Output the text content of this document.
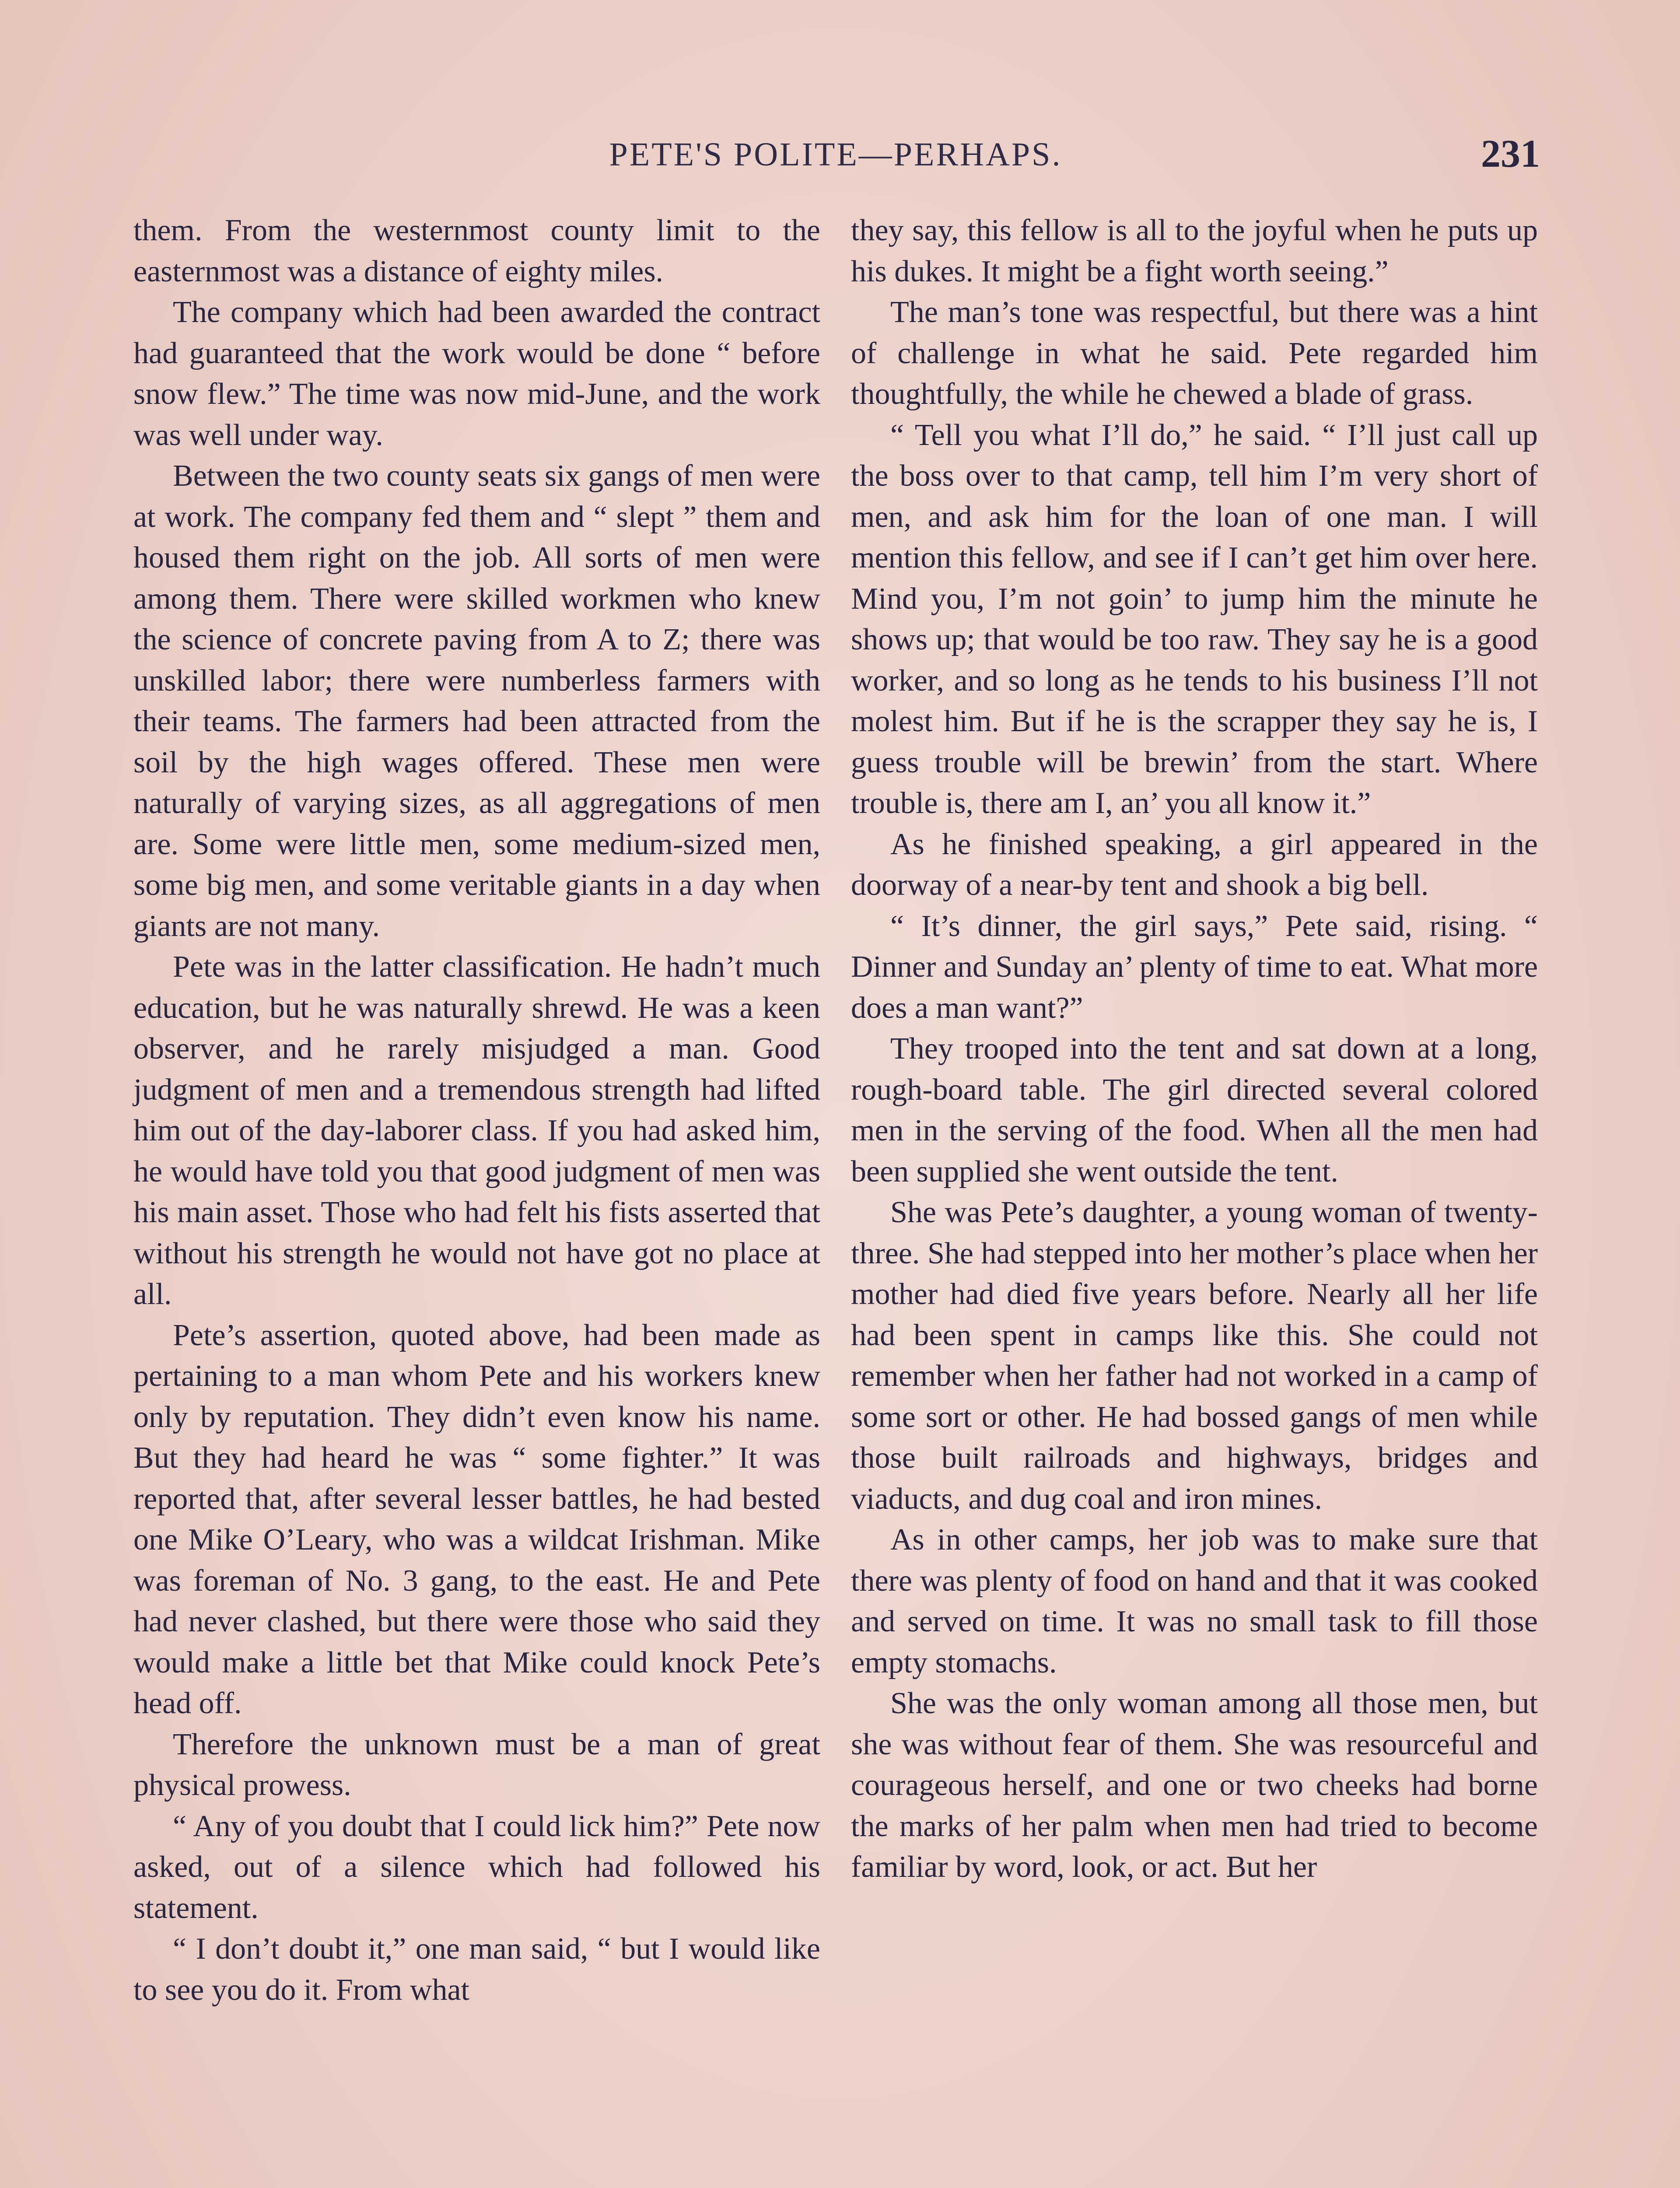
PETE'S POLITE—PERHAPS.	231

them. From the westernmost county limit to the easternmost was a distance of eighty miles.

The company which had been awarded the contract had guaranteed that the work would be done “ before snow flew.” The time was now mid-June, and the work was well under way.

Between the two county seats six gangs of men were at work. The company fed them and “ slept ” them and housed them right on the job. All sorts of men were among them. There were skilled workmen who knew the science of concrete paving from A to Z; there was unskilled labor; there were numberless farmers with their teams. The farmers had been attracted from the soil by the high wages offered. These men were naturally of varying sizes, as all aggregations of men are. Some were little men, some medium-sized men, some big men, and some veritable giants in a day when giants are not many.

Pete was in the latter classification. He hadn’t much education, but he was naturally shrewd. He was a keen observer, and he rarely misjudged a man. Good judgment of men and a tremendous strength had lifted him out of the day-laborer class. If you had asked him, he would have told you that good judgment of men was his main asset. Those who had felt his fists asserted that without his strength he would not have got no place at all.

Pete’s assertion, quoted above, had been made as pertaining to a man whom Pete and his workers knew only by reputation. They didn’t even know his name. But they had heard he was “ some fighter.” It was reported that, after several lesser battles, he had bested one Mike O’Leary, who was a wildcat Irishman. Mike was foreman of No. 3 gang, to the east. He and Pete had never clashed, but there were those who said they would make a little bet that Mike could knock Pete’s head off.

Therefore the unknown must be a man of great physical prowess.

“ Any of you doubt that I could lick him?” Pete now asked, out of a silence which had followed his statement.

“ I don’t doubt it,” one man said, “ but I would like to see you do it. From what

they say, this fellow is all to the joyful when he puts up his dukes. It might be a fight worth seeing.”

The man’s tone was respectful, but there was a hint of challenge in what he said. Pete regarded him thoughtfully, the while he chewed a blade of grass.

“ Tell you what I’ll do,” he said. “ I’ll just call up the boss over to that camp, tell him I’m very short of men, and ask him for the loan of one man. I will mention this fellow, and see if I can’t get him over here. Mind you, I’m not goin’ to jump him the minute he shows up; that would be too raw. They say he is a good worker, and so long as he tends to his business I’ll not molest him. But if he is the scrapper they say he is, I guess trouble will be brewin’ from the start. Where trouble is, there am I, an’ you all know it.”

As he finished speaking, a girl appeared in the doorway of a near-by tent and shook a big bell.

“ It’s dinner, the girl says,” Pete said, rising. “ Dinner and Sunday an’ plenty of time to eat. What more does a man want?”

They trooped into the tent and sat down at a long, rough-board table. The girl directed several colored men in the serving of the food. When all the men had been supplied she went outside the tent.

She was Pete’s daughter, a young woman of twenty-three. She had stepped into her mother’s place when her mother had died five years before. Nearly all her life had been spent in camps like this. She could not remember when her father had not worked in a camp of some sort or other. He had bossed gangs of men while those built railroads and highways, bridges and viaducts, and dug coal and iron mines.

As in other camps, her job was to make sure that there was plenty of food on hand and that it was cooked and served on time. It was no small task to fill those empty stomachs.

She was the only woman among all those men, but she was without fear of them. She was resourceful and courageous herself, and one or two cheeks had borne the marks of her palm when men had tried to become familiar by word, look, or act. But her
